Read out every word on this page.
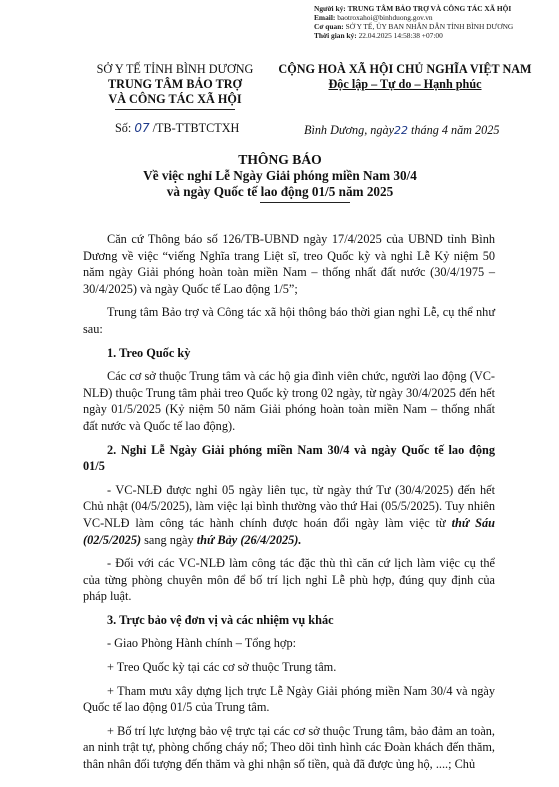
Người ký: TRUNG TÂM BẢO TRỢ VÀ CÔNG TÁC XÃ HỘI
Email: baotroxahoi@binhduong.gov.vn
Cơ quan: SỞ Y TẾ, ỦY BAN NHÂN DÂN TỈNH BÌNH DƯƠNG
Thời gian ký: 22.04.2025 14:58:38 +07:00
SỞ Y TẾ TỈNH BÌNH DƯƠNG
TRUNG TÂM BẢO TRỢ
VÀ CÔNG TÁC XÃ HỘI
CỘNG HOÀ XÃ HỘI CHỦ NGHĨA VIỆT NAM
Độc lập – Tự do – Hạnh phúc
Số: 07 /TB-TTBTCTXH	Bình Dương, ngày22 tháng 4 năm 2025
THÔNG BÁO
Về việc nghỉ Lễ Ngày Giải phóng miền Nam 30/4
và ngày Quốc tế lao động 01/5 năm 2025

Căn cứ Thông báo số 126/TB-UBND ngày 17/4/2025 của UBND tỉnh Bình Dương về việc “viếng Nghĩa trang Liệt sĩ, treo Quốc kỳ và nghỉ Lễ Kỷ niệm 50 năm ngày Giải phóng hoàn toàn miền Nam – thống nhất đất nước (30/4/1975 – 30/4/2025) và ngày Quốc tế Lao động 1/5”;

Trung tâm Bảo trợ và Công tác xã hội thông báo thời gian nghỉ Lễ, cụ thể như sau:

1. Treo Quốc kỳ

Các cơ sở thuộc Trung tâm và các hộ gia đình viên chức, người lao động (VC-NLĐ) thuộc Trung tâm phải treo Quốc kỳ trong 02 ngày, từ ngày 30/4/2025 đến hết ngày 01/5/2025 (Kỷ niệm 50 năm Giải phóng hoàn toàn miền Nam – thống nhất đất nước và Quốc tế lao động).

2. Nghỉ Lễ Ngày Giải phóng miền Nam 30/4 và ngày Quốc tế lao động 01/5

- VC-NLĐ được nghỉ 05 ngày liên tục, từ ngày thứ Tư (30/4/2025) đến hết Chủ nhật (04/5/2025), làm việc lại bình thường vào thứ Hai (05/5/2025). Tuy nhiên VC-NLĐ làm công tác hành chính được hoán đổi ngày làm việc từ thứ Sáu (02/5/2025) sang ngày thứ Bảy (26/4/2025).

- Đối với các VC-NLĐ làm công tác đặc thù thì căn cứ lịch làm việc cụ thể của từng phòng chuyên môn để bố trí lịch nghỉ Lễ phù hợp, đúng quy định của pháp luật.

3. Trực bảo vệ đơn vị và các nhiệm vụ khác

- Giao Phòng Hành chính – Tổng hợp:

+ Treo Quốc kỳ tại các cơ sở thuộc Trung tâm.

+ Tham mưu xây dựng lịch trực Lễ Ngày Giải phóng miền Nam 30/4 và ngày Quốc tế lao động 01/5 của Trung tâm.

+ Bố trí lực lượng bảo vệ trực tại các cơ sở thuộc Trung tâm, bảo đảm an toàn, an ninh trật tự, phòng chống cháy nổ; Theo dõi tình hình các Đoàn khách đến thăm, thân nhân đối tượng đến thăm và ghi nhận số tiền, quà đã được ủng hộ, ....; Chủ
